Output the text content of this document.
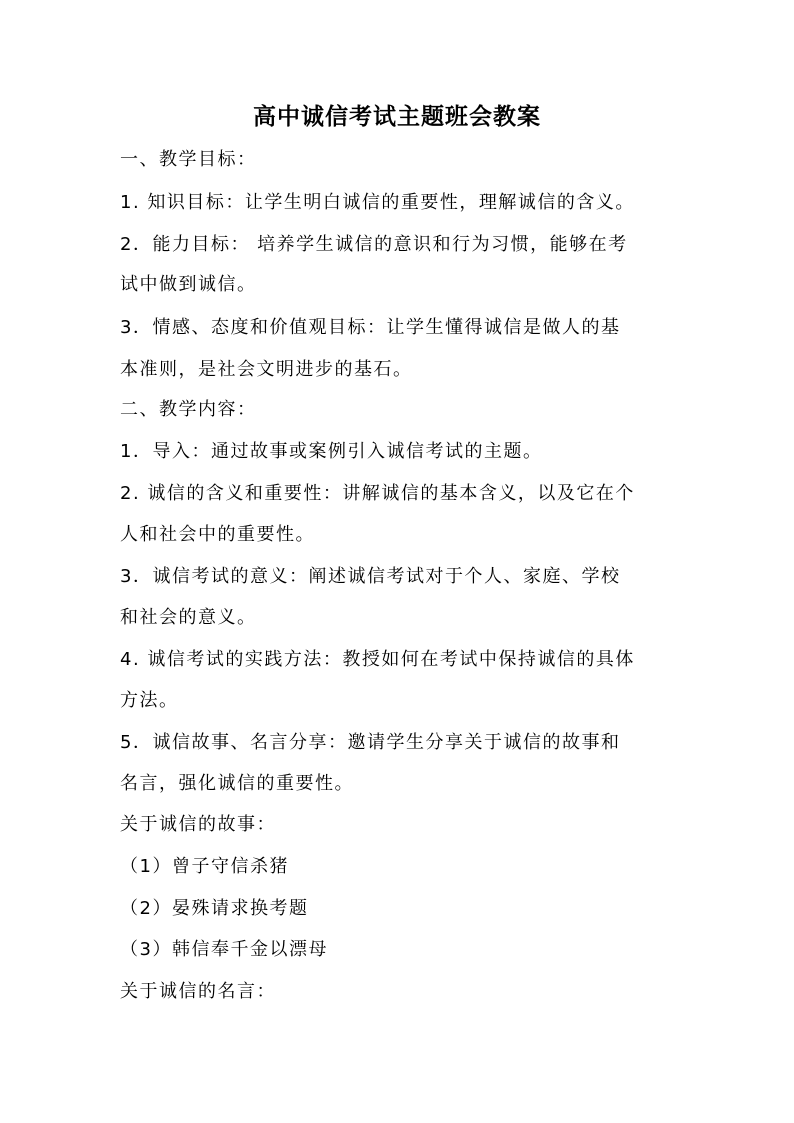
高中诚信考试主题班会教案
一、教学目标：
1. 知识目标：让学生明白诚信的重要性，理解诚信的含义。
2．能力目标： 培养学生诚信的意识和行为习惯，能够在考
试中做到诚信。
3．情感、态度和价值观目标：让学生懂得诚信是做人的基
本准则，是社会文明进步的基石。
二、教学内容：
1．导入：通过故事或案例引入诚信考试的主题。
2. 诚信的含义和重要性：讲解诚信的基本含义，以及它在个
人和社会中的重要性。
3．诚信考试的意义：阐述诚信考试对于个人、家庭、学校
和社会的意义。
4. 诚信考试的实践方法：教授如何在考试中保持诚信的具体
方法。
5．诚信故事、名言分享：邀请学生分享关于诚信的故事和
名言，强化诚信的重要性。
关于诚信的故事：
（1）曾子守信杀猪
（2）晏殊请求换考题
（3）韩信奉千金以漂母
关于诚信的名言：
